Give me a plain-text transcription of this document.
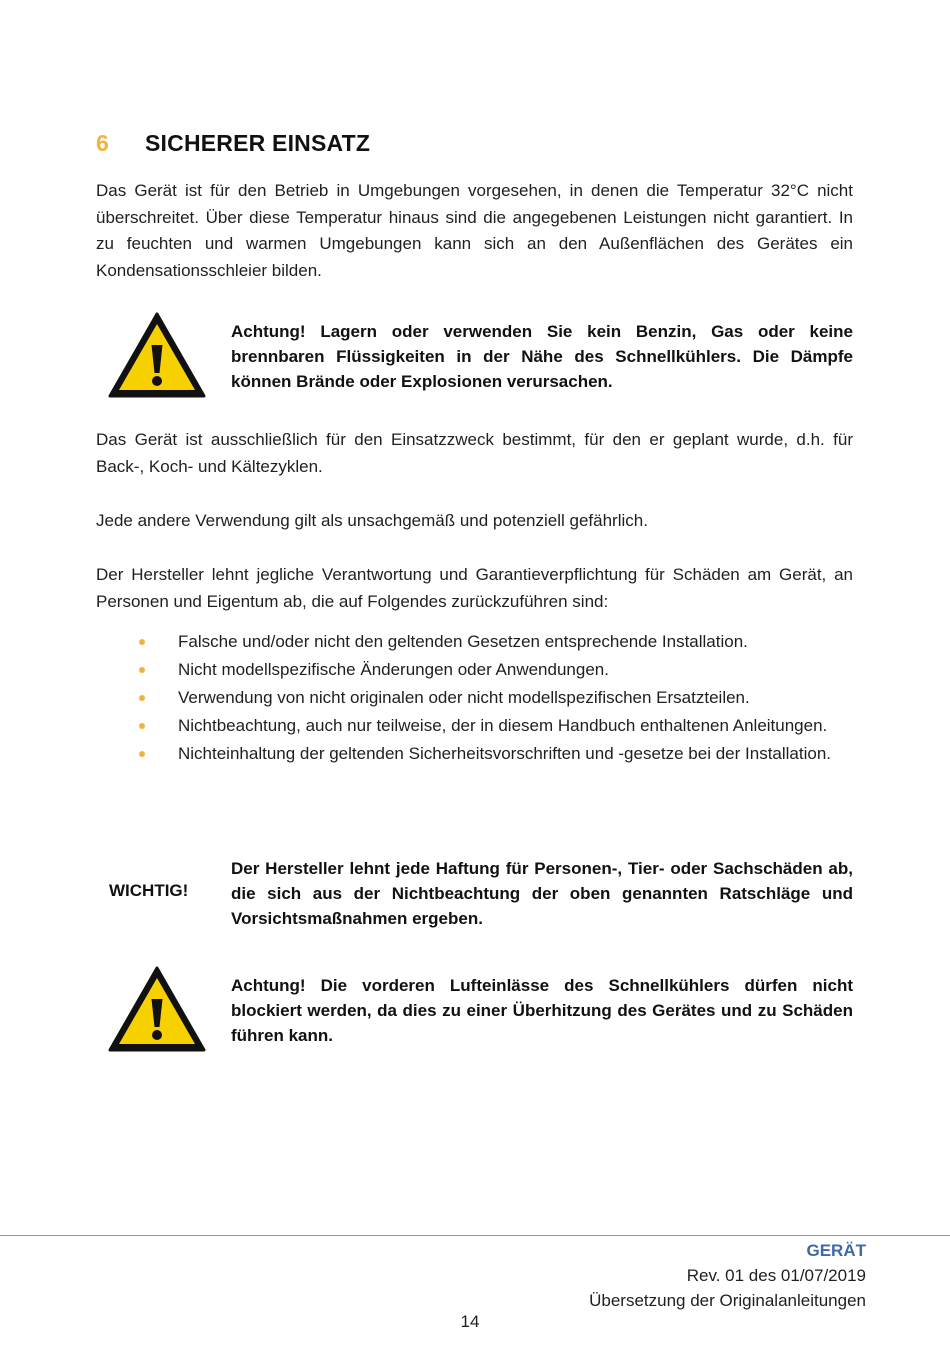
6	SICHERER EINSATZ

Das Gerät ist für den Betrieb in Umgebungen vorgesehen, in denen die Temperatur 32°C nicht überschreitet. Über diese Temperatur hinaus sind die angegebenen Leistungen nicht garantiert. In zu feuchten und warmen Umgebungen kann sich an den Außenflächen des Gerätes ein Kondensationsschleier bilden.

Achtung! Lagern oder verwenden Sie kein Benzin, Gas oder keine brennbaren Flüssigkeiten in der Nähe des Schnellkühlers. Die Dämpfe können Brände oder Explosionen verursachen.

Das Gerät ist ausschließlich für den Einsatzzweck bestimmt, für den er geplant wurde, d.h. für Back-, Koch- und Kältezyklen.

Jede andere Verwendung gilt als unsachgemäß und potenziell gefährlich.

Der Hersteller lehnt jegliche Verantwortung und Garantieverpflichtung für Schäden am Gerät, an Personen und Eigentum ab, die auf Folgendes zurückzuführen sind:

Falsche und/oder nicht den geltenden Gesetzen entsprechende Installation.
Nicht modellspezifische Änderungen oder Anwendungen.
Verwendung von nicht originalen oder nicht modellspezifischen Ersatzteilen.
Nichtbeachtung, auch nur teilweise, der in diesem Handbuch enthaltenen Anleitungen.
Nichteinhaltung der geltenden Sicherheitsvorschriften und -gesetze bei der Installation.
WICHTIG!

Der Hersteller lehnt jede Haftung für Personen-, Tier- oder Sachschäden ab, die sich aus der Nichtbeachtung der oben genannten Ratschläge und Vorsichtsmaßnahmen ergeben.

Achtung! Die vorderen Lufteinlässe des Schnellkühlers dürfen nicht blockiert werden, da dies zu einer Überhitzung des Gerätes und zu Schäden führen kann.

GERÄT
Rev. 01 des 01/07/2019
Übersetzung der Originalanleitungen
14
